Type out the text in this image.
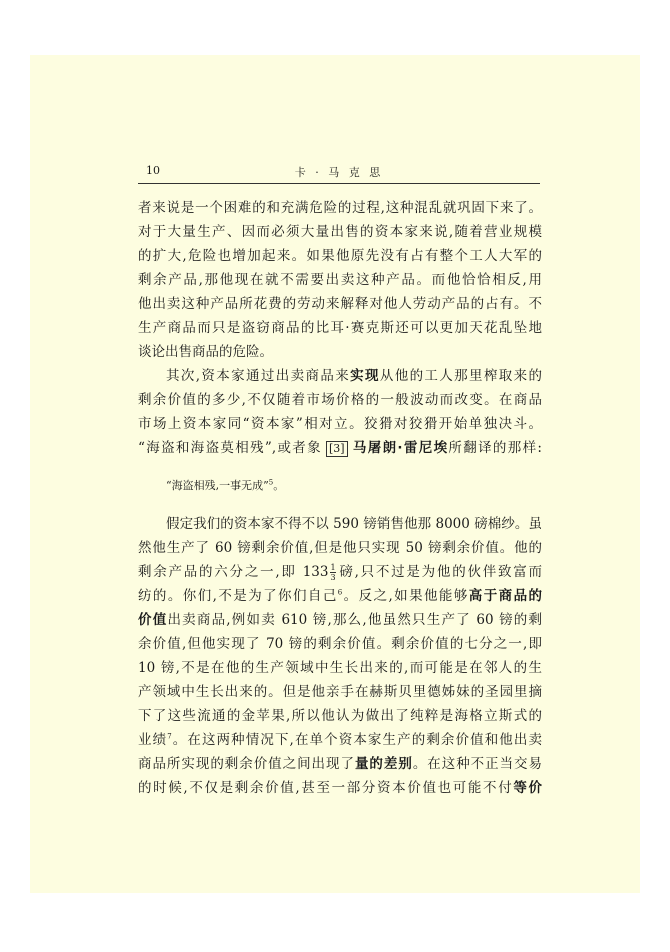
10	卡 · 马 克 思
者来说是一个困难的和充满危险的过程,这种混乱就巩固下来了。
对于大量生产、因而必须大量出售的资本家来说,随着营业规模
的扩大,危险也增加起来。如果他原先没有占有整个工人大军的
剩余产品,那他现在就不需要出卖这种产品。而他恰恰相反,用
他出卖这种产品所花费的劳动来解释对他人劳动产品的占有。不
生产商品而只是盗窃商品的比耳·赛克斯还可以更加天花乱坠地
谈论出售商品的危险。
其次,资本家通过出卖商品来实现从他的工人那里榨取来的
剩余价值的多少,不仅随着市场价格的一般波动而改变。在商品
市场上资本家同“资本家”相对立。狡猾对狡猾开始单独决斗。
“海盗和海盗莫相残”,或者象 [3] 马屠朗·雷尼埃所翻译的那样:
“海盗相残,一事无成”$^5$。
假定我们的资本家不得不以 590 镑销售他那 8000 磅棉纱。虽
然他生产了 60 镑剩余价值,但是他只实现 50 镑剩余价值。他的
剩余产品的六分之一,即 $133 \frac{1}{3}$ 磅,只不过是为他的伙伴致富而
纺的。你们,不是为了你们自己$^6$。反之,如果他能够高于商品的
价值出卖商品,例如卖 610 镑,那么,他虽然只生产了 60 镑的剩
余价值,但他实现了 70 镑的剩余价值。剩余价值的七分之一,即
10 镑,不是在他的生产领域中生长出来的,而可能是在邻人的生
产领域中生长出来的。但是他亲手在赫斯贝里德姊妹的圣园里摘
下了这些流通的金苹果,所以他认为做出了纯粹是海格立斯式的
业绩$^7$。在这两种情况下,在单个资本家生产的剩余价值和他出卖
商品所实现的剩余价值之间出现了量的差别。在这种不正当交易
的时候,不仅是剩余价值,甚至一部分资本价值也可能不付等价
